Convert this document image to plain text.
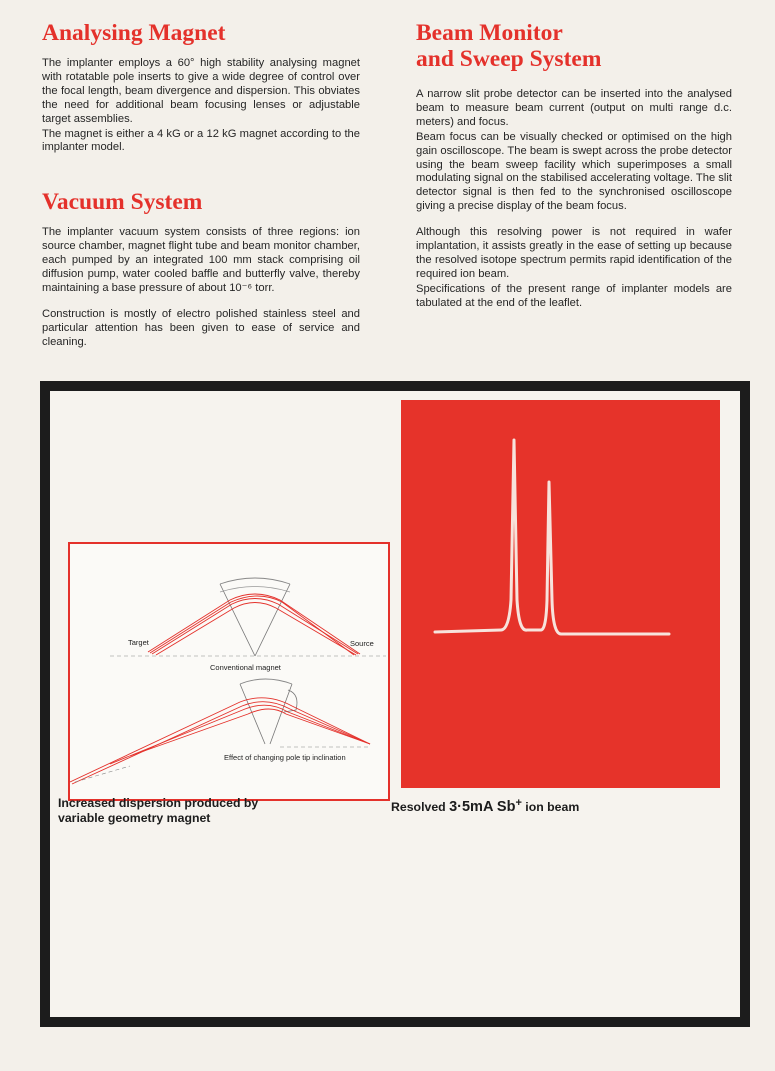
Analysing Magnet

The implanter employs a 60° high stability analysing magnet with rotatable pole inserts to give a wide degree of control over the focal length, beam divergence and dispersion. This obviates the need for additional beam focusing lenses or adjustable target assemblies.

The magnet is either a 4 kG or a 12 kG magnet according to the implanter model.

Vacuum System

The implanter vacuum system consists of three regions: ion source chamber, magnet flight tube and beam monitor chamber, each pumped by an integrated 100 mm stack comprising oil diffusion pump, water cooled baffle and butterfly valve, thereby maintaining a base pressure of about 10⁻⁶ torr.

Construction is mostly of electro polished stainless steel and particular attention has been given to ease of service and cleaning.

Beam Monitor
and Sweep System

A narrow slit probe detector can be inserted into the analysed beam to measure beam current (output on multi range d.c. meters) and focus.

Beam focus can be visually checked or optimised on the high gain oscilloscope. The beam is swept across the probe detector using the beam sweep facility which superimposes a small modulating signal on the stabilised accelerating voltage. The slit detector signal is then fed to the synchronised oscilloscope giving a precise display of the beam focus.

Although this resolving power is not required in wafer implantation, it assists greatly in the ease of setting up because the resolved isotope spectrum permits rapid identification of the required ion beam.

Specifications of the present range of implanter models are tabulated at the end of the leaflet.

Target	Source
Conventional magnet
Effect of changing pole tip inclination
Increased dispersion produced by
variable geometry magnet
Resolved 3·5mA Sb+ ion beam
